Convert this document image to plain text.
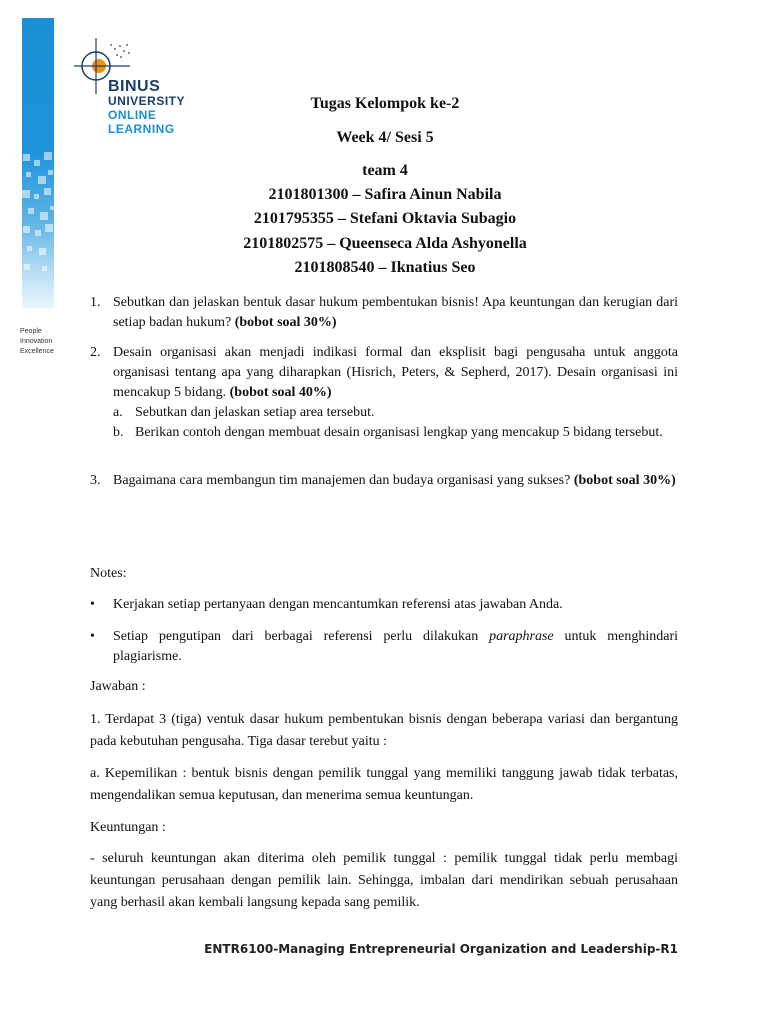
People
Innovation
Excellence
BINUS
UNIVERSITY
ONLINE
LEARNING
Tugas Kelompok ke-2
Week 4/ Sesi 5
team 4
2101801300 – Safira Ainun Nabila
2101795355 – Stefani Oktavia Subagio
2101802575 – Queenseca Alda Ashyonella
2101808540 – Iknatius Seo
1. Sebutkan dan jelaskan bentuk dasar hukum pembentukan bisnis! Apa keuntungan dan kerugian dari setiap badan hukum? (bobot soal 30%)
2. Desain organisasi akan menjadi indikasi formal dan eksplisit bagi pengusaha untuk anggota organisasi tentang apa yang diharapkan (Hisrich, Peters, & Sepherd, 2017). Desain organisasi ini mencakup 5 bidang. (bobot soal 40%)
a. Sebutkan dan jelaskan setiap area tersebut.
b. Berikan contoh dengan membuat desain organisasi lengkap yang mencakup 5 bidang tersebut.
3. Bagaimana cara membangun tim manajemen dan budaya organisasi yang sukses? (bobot soal 30%)
Notes:
• Kerjakan setiap pertanyaan dengan mencantumkan referensi atas jawaban Anda.
• Setiap pengutipan dari berbagai referensi perlu dilakukan paraphrase untuk menghindari plagiarisme.
Jawaban :
1. Terdapat 3 (tiga) ventuk dasar hukum pembentukan bisnis dengan beberapa variasi dan bergantung pada kebutuhan pengusaha. Tiga dasar terebut yaitu :
a. Kepemilikan : bentuk bisnis dengan pemilik tunggal yang memiliki tanggung jawab tidak terbatas, mengendalikan semua keputusan, dan menerima semua keuntungan.
Keuntungan :
- seluruh keuntungan akan diterima oleh pemilik tunggal : pemilik tunggal tidak perlu membagi keuntungan perusahaan dengan pemilik lain. Sehingga, imbalan dari mendirikan sebuah perusahaan yang berhasil akan kembali langsung kepada sang pemilik.
ENTR6100-Managing Entrepreneurial Organization and Leadership-R1
